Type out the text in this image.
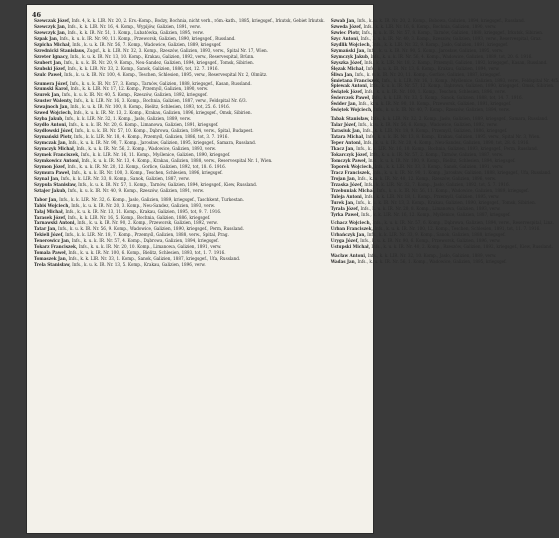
46
Szewczak Józef, Infs. 4, k. k. LIR. Nr. 20, 2. Ers.-Komp., Bodzy, Bochnia, nicht verh., röm.-kath., 1885, kriegsgef., Irkutsk, Gebiet Irkutsk.
Szewczyk Jan, Infs., k. k. LIR. Nr. 16, 4. Komp., Wypijów, Galizien, 1891, verw.
Szewczyk Jan, Infs., k. k. IR. Nr. 51, 1. Komp., Lubatówka, Galizien, 1895, verw.
Szpak Jan, Infs., k. u. k. IR. Nr. 90, 11. Komp., Przeworsk, Galizien, 1890, kriegsgef., Russland.
Szpicha Michał, Infs., k. u. k. IR. Nr. 56, 7. Komp., Wadowice, Galizien, 1889, kriegsgef.
Szrednicki Stanislaus, Zugsf., k. k. LIR. Nr. 32, 3. Komp., Rzeszów, Galizien, 1893, verw., Spital Nr. 17, Wien.
Szreter Ignacy, Infs., k. u. k. IR. Nr. 13, 10. Komp., Krakau, Galizien, 1892, verw., Reservespital, Brünn.
Szubert Jan, Infs., k. u. k. IR. Nr. 20, 9. Komp., Neu-Sandez, Galizien, 1894, kriegsgef., Tomsk, Sibirien.
Szubski Józef, Infs., k. k. LIR. Nr. 33, 2. Komp., Sanok, Galizien, 1886, tot, 12. 7. 1916.
Szulc Paweł, Infs., k. u. k. IR. Nr. 100, 4. Komp., Teschen, Schlesien, 1895, verw., Reservespital Nr. 2, Olmütz.
Szumera Józef, Infs., k. u. k. IR. Nr. 57, 3. Komp., Tarnów, Galizien, 1888, kriegsgef., Kasan, Russland.
Szumski Karol, Infs., k. k. LIR. Nr. 17, 12. Komp., Przemyśl, Galizien, 1890, verw.
Szurek Jan, Infs., k. u. k. IR. Nr. 40, 5. Komp., Rzeszów, Galizien, 1892, kriegsgef.
Szuster Walenty, Infs., k. k. LIR. Nr. 16, 3. Komp., Bochnia, Galizien, 1887, verw., Feldspital Nr. 6/3.
Szwajnoch Jan, Infs., k. u. k. IR. Nr. 100, 8. Komp., Bielitz, Schlesien, 1893, tot, 25. 6. 1916.
Szwed Wojciech, Infs., k. u. k. IR. Nr. 13, 2. Komp., Krakau, Galizien, 1896, kriegsgef., Omsk, Sibirien.
Szyba Jakub, Infs., k. k. LIR. Nr. 32, 1. Komp., Jasło, Galizien, 1889, verw.
Szydło Antoni, Infs., k. u. k. IR. Nr. 20, 6. Komp., Limanowa, Galizien, 1891, kriegsgef.
Szydłowski Józef, Infs., k. u. k. IR. Nr. 57, 10. Komp., Dąbrowa, Galizien, 1894, verw., Spital, Budapest.
Szymański Piotr, Infs., k. k. LIR. Nr. 18, 4. Komp., Przemyśl, Galizien, 1886, tot, 3. 7. 1916.
Szymczak Jan, Infs., k. u. k. IR. Nr. 90, 7. Komp., Jarosław, Galizien, 1895, kriegsgef., Samara, Russland.
Szymczyk Michał, Infs., k. u. k. IR. Nr. 56, 2. Komp., Wadowice, Galizien, 1893, verw.
Szymek Franciszek, Infs., k. k. LIR. Nr. 16, 11. Komp., Myślenice, Galizien, 1890, kriegsgef.
Szymkowicz Antoni, Infs., k. u. k. IR. Nr. 13, 4. Komp., Krakau, Galizien, 1888, verw., Reservespital Nr. 1, Wien.
Szymon Józef, Infs., k. u. k. IR. Nr. 20, 12. Komp., Gorlice, Galizien, 1892, tot, 18. 6. 1916.
Szymura Paweł, Infs., k. u. k. IR. Nr. 100, 3. Komp., Teschen, Schlesien, 1896, kriegsgef.
Szynal Jan, Infs., k. k. LIR. Nr. 33, 8. Komp., Sanok, Galizien, 1887, verw.
Szypuła Stanisław, Infs., k. u. k. IR. Nr. 57, 1. Komp., Tarnów, Galizien, 1894, kriegsgef., Kiew, Russland.
Sztajer Jakub, Infs., k. u. k. IR. Nr. 40, 9. Komp., Rzeszów, Galizien, 1891, verw.
Tabor Jan, Infs., k. k. LIR. Nr. 32, 6. Komp., Jasło, Galizien, 1889, kriegsgef., Taschkent, Turkestan.
Tabiś Wojciech, Infs., k. u. k. IR. Nr. 20, 3. Komp., Neu-Sandez, Galizien, 1893, verw.
Tałaj Michał, Infs., k. u. k. IR. Nr. 13, 11. Komp., Krakau, Galizien, 1895, tot, 9. 7. 1916.
Tarasek Józef, Infs., k. k. LIR. Nr. 16, 5. Komp., Bochnia, Galizien, 1886, kriegsgef.
Tarnawski Antoni, Infs., k. u. k. IR. Nr. 90, 2. Komp., Przeworsk, Galizien, 1892, verw.
Tatar Jan, Infs., k. u. k. IR. Nr. 56, 9. Komp., Wadowice, Galizien, 1890, kriegsgef., Perm, Russland.
Tekieli Józef, Infs., k. k. LIR. Nr. 18, 7. Komp., Przemyśl, Galizien, 1888, verw., Spital, Prag.
Tenerowicz Jan, Infs., k. u. k. IR. Nr. 57, 4. Komp., Dąbrowa, Galizien, 1894, kriegsgef.
Tokarz Franciszek, Infs., k. u. k. IR. Nr. 20, 10. Komp., Limanowa, Galizien, 1891, verw.
Tomala Paweł, Infs., k. u. k. IR. Nr. 100, 6. Komp., Bielitz, Schlesien, 1893, tot, 1. 7. 1916.
Tomaszek Jan, Infs., k. k. LIR. Nr. 33, 1. Komp., Sanok, Galizien, 1887, kriegsgef., Ufa, Russland.
Trela Stanisław, Infs., k. u. k. IR. Nr. 13, 5. Komp., Krakau, Galizien, 1896, verw.
Szwab Jan, Infs., k. u. k. IR. Nr. 20, 2. Komp., Bobowa, Galizien, 1894, kriegsgef., Russland.
Szweda Józef, Infs., k. k. LIR. Nr. 16, 6. Komp., Bochnia, Galizien, 1890, verw.
Szwiec Piotr, Infs., k. u. k. IR. Nr. 57, 8. Komp., Tarnów, Galizien, 1888, kriegsgef., Irkutsk, Sibirien.
Szyc Antoni, Infs., k. u. k. IR. Nr. 40, 3. Komp., Rzeszów, Galizien, 1893, verw., Reservespital, Graz.
Szydlik Wojciech, Infs., k. k. LIR. Nr. 32, 9. Komp., Jasło, Galizien, 1891, kriegsgef.
Szymański Jan, Infs., k. u. k. IR. Nr. 90, 5. Komp., Jarosław, Galizien, 1895, verw.
Szymczyk Jakub, Infs., k. u. k. IR. Nr. 56, 4. Komp., Wadowice, Galizien, 1889, tot, 20. 6. 1916.
Szyszka Józef, Infs., k. k. LIR. Nr. 18, 2. Komp., Przemyśl, Galizien, 1892, kriegsgef., Kasan, Russland.
Ślęzak Michał, Infs., k. u. k. IR. Nr. 13, 6. Komp., Krakau, Galizien, 1894, verw.
Śliwa Jan, Infs., k. u. k. IR. Nr. 20, 11. Komp., Gorlice, Galizien, 1887, kriegsgef.
Śmietana Franciszek, Infs., k. k. LIR. Nr. 16, 1. Komp., Myślenice, Galizien, 1893, verw., Feldspital Nr. 4/5.
Śpiewak Antoni, Infs., k. u. k. IR. Nr. 57, 12. Komp., Dąbrowa, Galizien, 1890, kriegsgef., Omsk, Sibirien.
Świątek Józef, Infs., k. u. k. IR. Nr. 100, 1. Komp., Teschen, Schlesien, 1896, verw.
Świerczek Paweł, Infs., k. k. LIR. Nr. 33, 5. Komp., Sanok, Galizien, 1888, tot, 14. 7. 1916.
Świder Jan, Infs., k. u. k. IR. Nr. 90, 10. Komp., Przeworsk, Galizien, 1891, kriegsgef.
Świętek Wojciech, Infs., k. u. k. IR. Nr. 40, 7. Komp., Rzeszów, Galizien, 1894, verw.
Tabak Stanisław, Infs., k. k. LIR. Nr. 32, 2. Komp., Jasło, Galizien, 1889, kriegsgef., Samara, Russland.
Talar Józef, Infs., k. u. k. IR. Nr. 56, 6. Komp., Wadowice, Galizien, 1892, verw.
Tarasiuk Jan, Infs., k. k. LIR. Nr. 18, 9. Komp., Przemyśl, Galizien, 1886, kriegsgef.
Tatara Michał, Infs., k. u. k. IR. Nr. 13, 8. Komp., Krakau, Galizien, 1895, verw., Spital Nr. 3, Wien.
Teper Antoni, Infs., k. u. k. IR. Nr. 20, 4. Komp., Neu-Sandez, Galizien, 1890, tot, 28. 6. 1916.
Tkacz Jan, Infs., k. k. LIR. Nr. 16, 10. Komp., Bochnia, Galizien, 1893, kriegsgef., Perm, Russland.
Tokarczyk Józef, Infs., k. u. k. IR. Nr. 57, 2. Komp., Tarnów, Galizien, 1887, verw.
Tomczyk Paweł, Infs., k. u. k. IR. Nr. 100, 9. Komp., Bielitz, Schlesien, 1894, kriegsgef.
Toporek Wojciech, Infs., k. k. LIR. Nr. 33, 3. Komp., Sanok, Galizien, 1891, verw.
Tracz Franciszek, Infs., k. u. k. IR. Nr. 90, 1. Komp., Jarosław, Galizien, 1888, kriegsgef., Ufa, Russland.
Trojan Jan, Infs., k. u. k. IR. Nr. 40, 12. Komp., Rzeszów, Galizien, 1896, verw.
Trzaska Józef, Infs., k. k. LIR. Nr. 32, 7. Komp., Jasło, Galizien, 1892, tot, 5. 7. 1916.
Trzebuniak Michał, Infs., k. u. k. IR. Nr. 56, 11. Komp., Wadowice, Galizien, 1889, kriegsgef.
Tuleja Antoni, Infs., k. k. LIR. Nr. 18, 1. Komp., Przemyśl, Galizien, 1895, verw.
Turek Jan, Infs., k. u. k. IR. Nr. 13, 3. Komp., Krakau, Galizien, 1890, kriegsgef., Tomsk, Sibirien.
Tyrała Józef, Infs., k. u. k. IR. Nr. 20, 8. Komp., Limanowa, Galizien, 1893, verw.
Tyrka Paweł, Infs., k. k. LIR. Nr. 16, 12. Komp., Myślenice, Galizien, 1887, kriegsgef.
Uchacz Wojciech, Infs., k. u. k. IR. Nr. 57, 6. Komp., Dąbrowa, Galizien, 1894, verw., Reservespital, Linz.
Urban Franciszek, Infs., k. u. k. IR. Nr. 100, 12. Komp., Teschen, Schlesien, 1891, tot, 11. 7. 1916.
Urbańczyk Jan, Infs., k. k. LIR. Nr. 33, 9. Komp., Sanok, Galizien, 1888, kriegsgef.
Uryga Józef, Infs., k. u. k. IR. Nr. 90, 6. Komp., Przeworsk, Galizien, 1896, verw.
Ustupski Michał, Infs., k. u. k. IR. Nr. 40, 2. Komp., Rzeszów, Galizien, 1892, kriegsgef., Kiew, Russland.
Wacław Antoni, Infs., k. k. LIR. Nr. 32, 10. Komp., Jasło, Galizien, 1889, verw.
Wadas Jan, Infs., k. u. k. IR. Nr. 56, 1. Komp., Wadowice, Galizien, 1895, kriegsgef.
